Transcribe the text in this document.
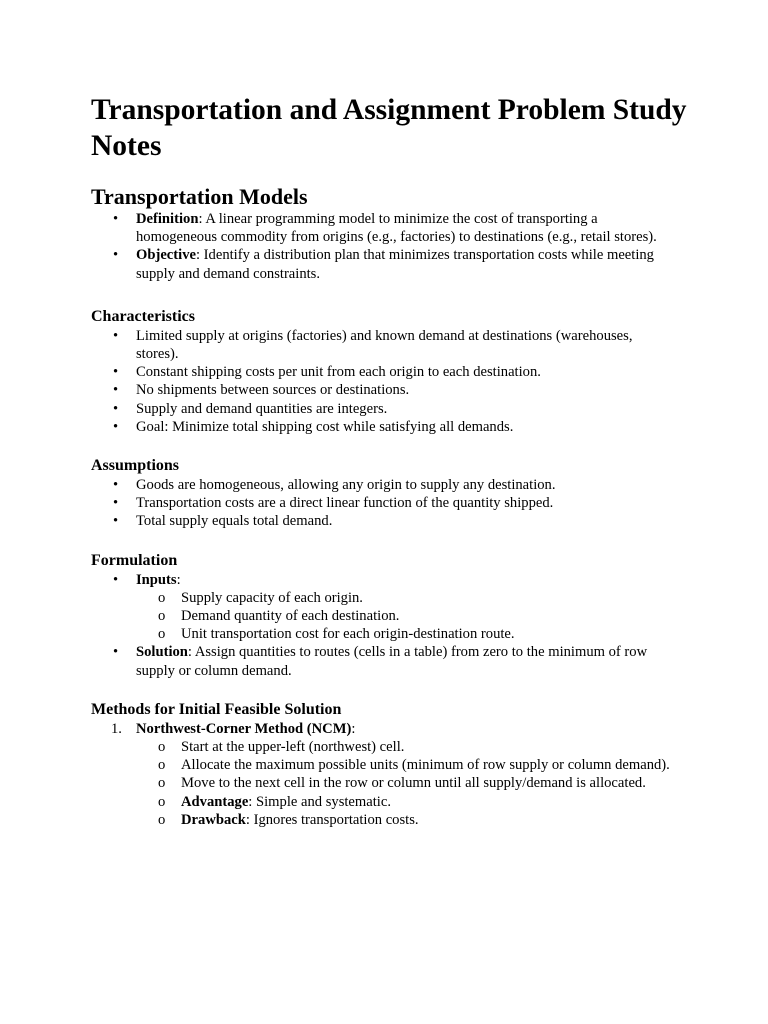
Transportation and Assignment Problem Study Notes
Transportation Models
• Definition: A linear programming model to minimize the cost of transporting a homogeneous commodity from origins (e.g., factories) to destinations (e.g., retail stores).
• Objective: Identify a distribution plan that minimizes transportation costs while meeting supply and demand constraints.
Characteristics
• Limited supply at origins (factories) and known demand at destinations (warehouses, stores).
• Constant shipping costs per unit from each origin to each destination.
• No shipments between sources or destinations.
• Supply and demand quantities are integers.
• Goal: Minimize total shipping cost while satisfying all demands.
Assumptions
• Goods are homogeneous, allowing any origin to supply any destination.
• Transportation costs are a direct linear function of the quantity shipped.
• Total supply equals total demand.
Formulation
• Inputs:
o Supply capacity of each origin.
o Demand quantity of each destination.
o Unit transportation cost for each origin-destination route.
• Solution: Assign quantities to routes (cells in a table) from zero to the minimum of row supply or column demand.
Methods for Initial Feasible Solution
1. Northwest-Corner Method (NCM):
o Start at the upper-left (northwest) cell.
o Allocate the maximum possible units (minimum of row supply or column demand).
o Move to the next cell in the row or column until all supply/demand is allocated.
o Advantage: Simple and systematic.
o Drawback: Ignores transportation costs.
